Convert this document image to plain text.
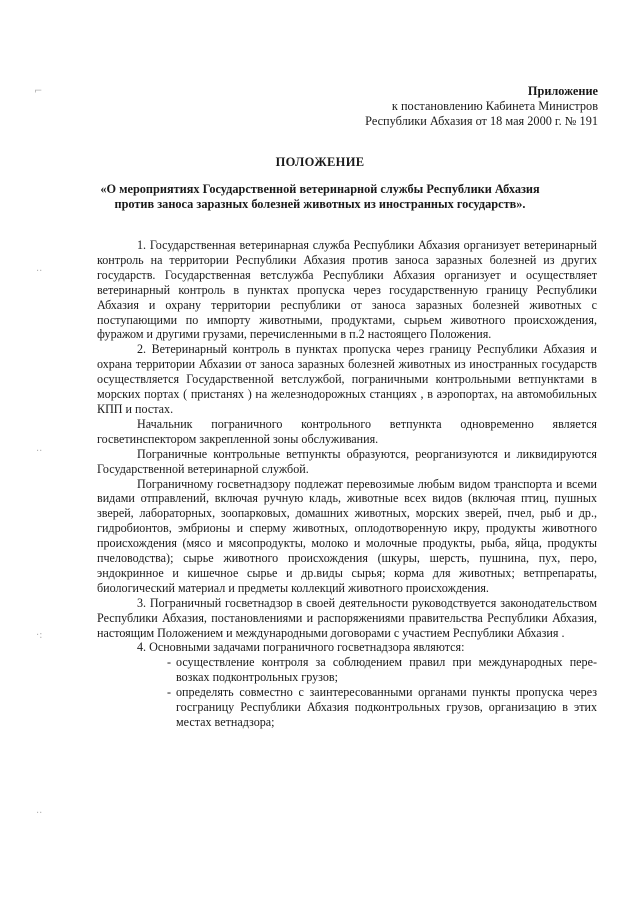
⌐
··
··
·:
··
Приложение
к постановлению Кабинета Министров
Республики Абхазия от 18 мая 2000 г. № 191
ПОЛОЖЕНИЕ
«О мероприятиях Государственной ветеринарной службы Республики Абхазия
против заноса заразных болезней животных из иностранных государств».

1. Государственная ветеринарная служба Республики Абхазия организует ветеринарный контроль на территории Республики Абхазия против заноса заразных болезней из других государств. Государственная ветслужба Республики Абхазия организует и осуществляет ветеринарный контроль в пунктах пропуска через государственную границу Республики Абхазия и охрану территории республики от заноса заразных болезней животных с поступающими по импорту животными, продуктами, сырьем животного происхождения, фуражом и другими грузами, перечисленными в п.2 настоящего Положения.

2. Ветеринарный контроль в пунктах пропуска через границу Республики Абхазия и охрана территории Абхазии от заноса заразных болезней животных из иностранных государств осуществляется Государственной ветслужбой, пограничными контрольными ветпунктами в морских портах ( пристанях ) на железнодорожных станциях , в аэропортах, на автомобильных КПП и постах.

Начальник пограничного контрольного ветпункта одновременно является госветинспектором закрепленной зоны обслуживания.

Пограничные контрольные ветпункты образуются, реорганизуются и ликвидируются Государственной ветеринарной службой.

Пограничному госветнадзору подлежат перевозимые любым видом транспорта и всеми видами отправлений, включая ручную кладь, животные всех видов (включая птиц, пушных зверей, лабораторных, зоопарковых, домашних животных, морских зверей, пчел, рыб и др., гидробионтов, эмбрионы и сперму животных, оплодотворенную икру, продукты животного происхождения (мясо и мясопродукты, молоко и молочные продукты, рыба, яйца, продукты пчеловодства); сырье животного происхождения (шкуры, шерсть, пушнина, пух, перо, эндокринное и кишечное сырье и др.виды сырья; корма для животных; ветпрепараты, биологический материал и предметы коллекций животного происхождения.

3. Пограничный госветнадзор в своей деятельности руководствуется законодательством Республики Абхазия, постановлениями и распоряжениями правительства Республики Абхазия, настоящим Положением и международными договорами с участием Республики Абхазия .

4. Основными задачами пограничного госветнадзора являются:

- осуществление контроля за соблюдением правил при международных пере- возках подконтрольных грузов;
- определять совместно с заинтересованными органами пункты пропуска через госграницу Республики Абхазия подконтрольных грузов, организацию в этих местах ветнадзора;
